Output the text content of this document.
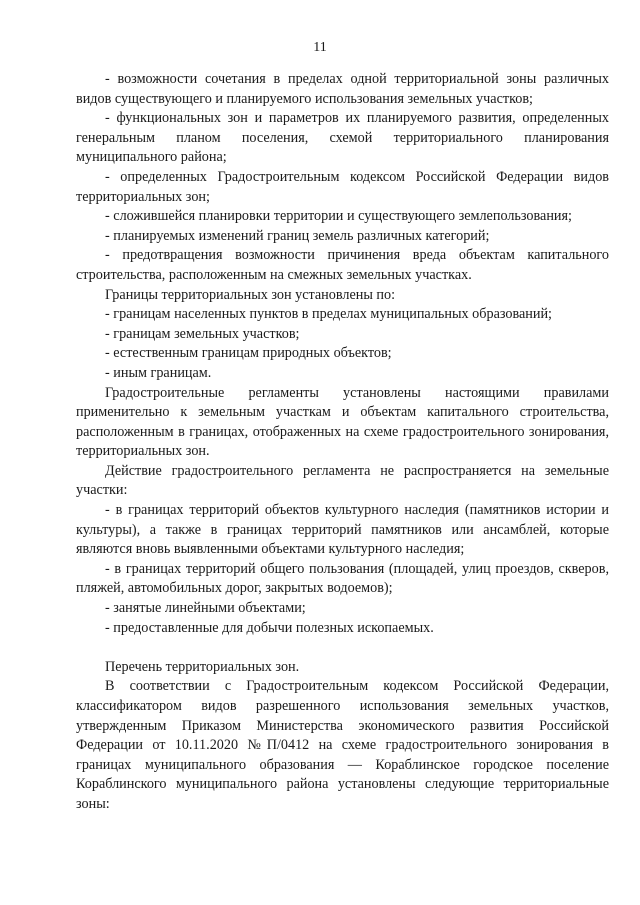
11

- возможности сочетания в пределах одной территориальной зоны различных видов существующего и планируемого использования земельных участков;

- функциональных зон и параметров их планируемого развития, определенных генеральным планом поселения, схемой территориального планирования муниципального района;

- определенных Градостроительным кодексом Российской Федерации видов территориальных зон;

- сложившейся планировки территории и существующего землепользования;

- планируемых изменений границ земель различных категорий;

- предотвращения возможности причинения вреда объектам капитального строительства, расположенным на смежных земельных участках.

Границы территориальных зон установлены по:

- границам населенных пунктов в пределах муниципальных образований;

- границам земельных участков;

- естественным границам природных объектов;

- иным границам.

Градостроительные регламенты установлены настоящими правилами применительно к земельным участкам и объектам капитального строительства, расположенным в границах, отображенных на схеме градостроительного зонирования, территориальных зон.

Действие градостроительного регламента не распространяется на земельные участки:

- в границах территорий объектов культурного наследия (памятников истории и культуры), а также в границах территорий памятников или ансамблей, которые являются вновь выявленными объектами культурного наследия;

- в границах территорий общего пользования (площадей, улиц проездов, скверов, пляжей, автомобильных дорог, закрытых водоемов);

- занятые линейными объектами;

- предоставленные для добычи полезных ископаемых.

Перечень территориальных зон.

В соответствии с Градостроительным кодексом Российской Федерации, классификатором видов разрешенного использования земельных участков, утвержденным Приказом Министерства экономического развития Российской Федерации от 10.11.2020 №П/0412 на схеме градостроительного зонирования в границах муниципального образования — Кораблинское городское поселение Кораблинского муниципального района установлены следующие территориальные зоны:
